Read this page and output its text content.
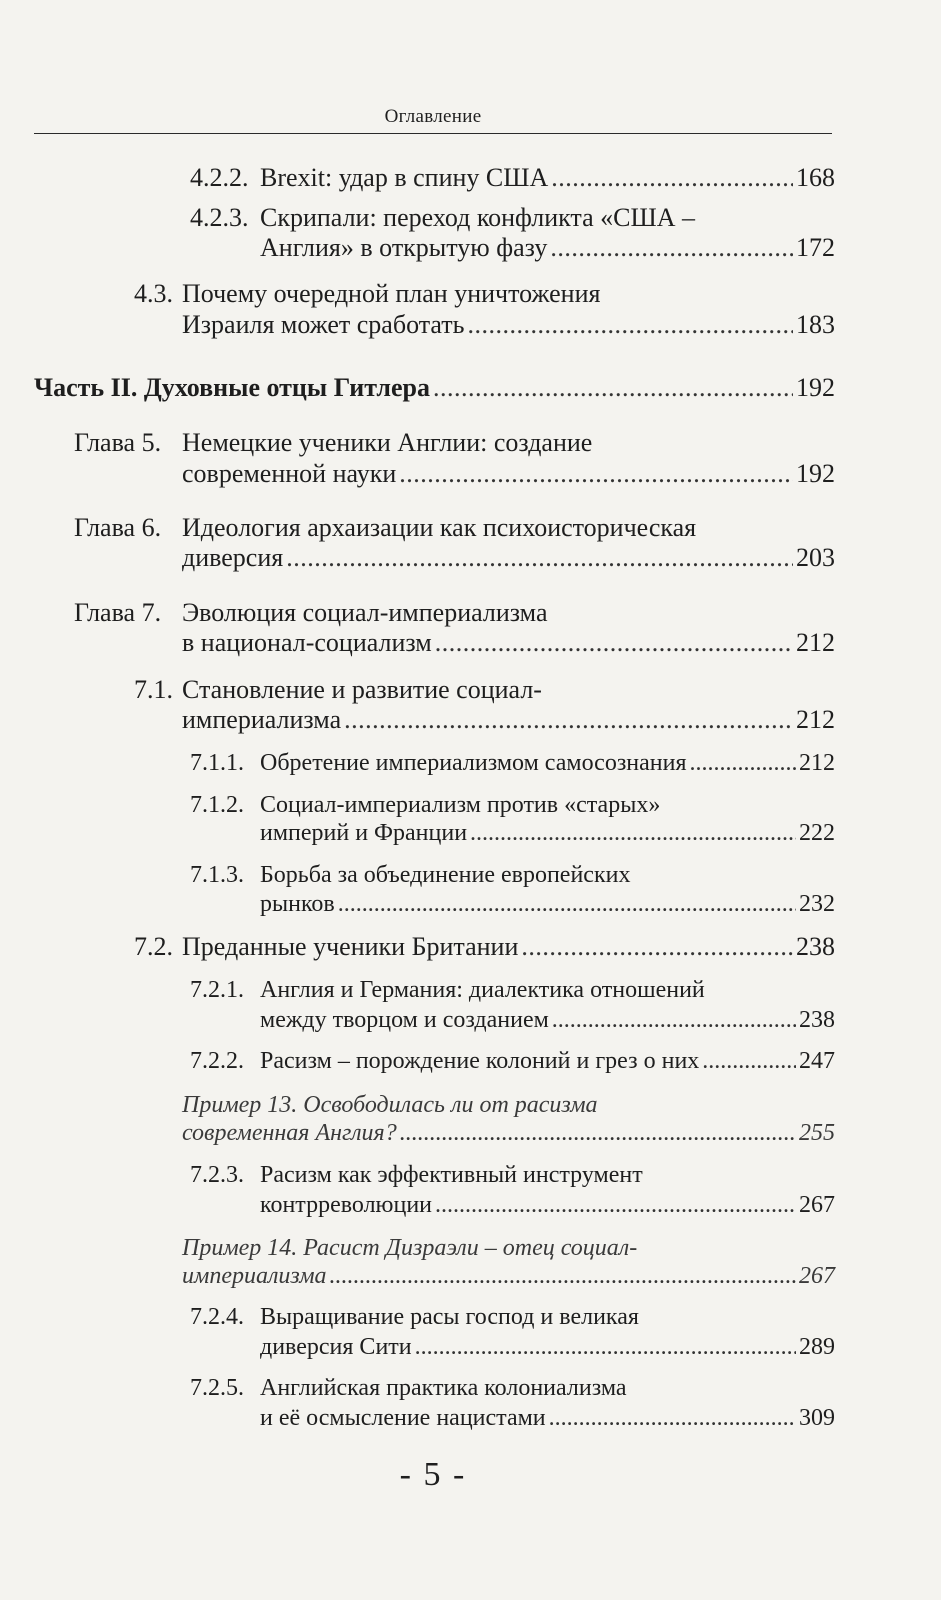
Оглавление
4.2.2. Brexit: удар в спину США . . .	168
4.2.3. Скрипали: переход конфликта «США –
Англия» в открытую фазу . . .	172
4.3. Почему очередной план уничтожения
Израиля может сработать . . .	183
Часть II. Духовные отцы Гитлера . . .	192
Глава 5. Немецкие ученики Англии: создание
современной науки . . .	192
Глава 6. Идеология архаизации как психоисторическая
диверсия . . .	203
Глава 7. Эволюция социал-империализма
в национал-социализм . . .	212
7.1. Становление и развитие социал-
империализма . . .	212
7.1.1. Обретение империализмом самосознания . . .	212
7.1.2. Социал-империализм против «старых»
империй и Франции . . .	222
7.1.3. Борьба за объединение европейских
рынков . . .	232
7.2. Преданные ученики Британии . . .	238
7.2.1. Англия и Германия: диалектика отношений
между творцом и созданием . . .	238
7.2.2. Расизм – порождение колоний и грез о них . . .	247
Пример 13. Освободилась ли от расизма
современная Англия? . . .	255
7.2.3. Расизм как эффективный инструмент
контрреволюции . . .	267
Пример 14. Расист Дизраэли – отец социал-
империализма . . .	267
7.2.4. Выращивание расы господ и великая
диверсия Сити . . .	289
7.2.5. Английская практика колониализма
и её осмысление нацистами . . .	309
- 5 -
